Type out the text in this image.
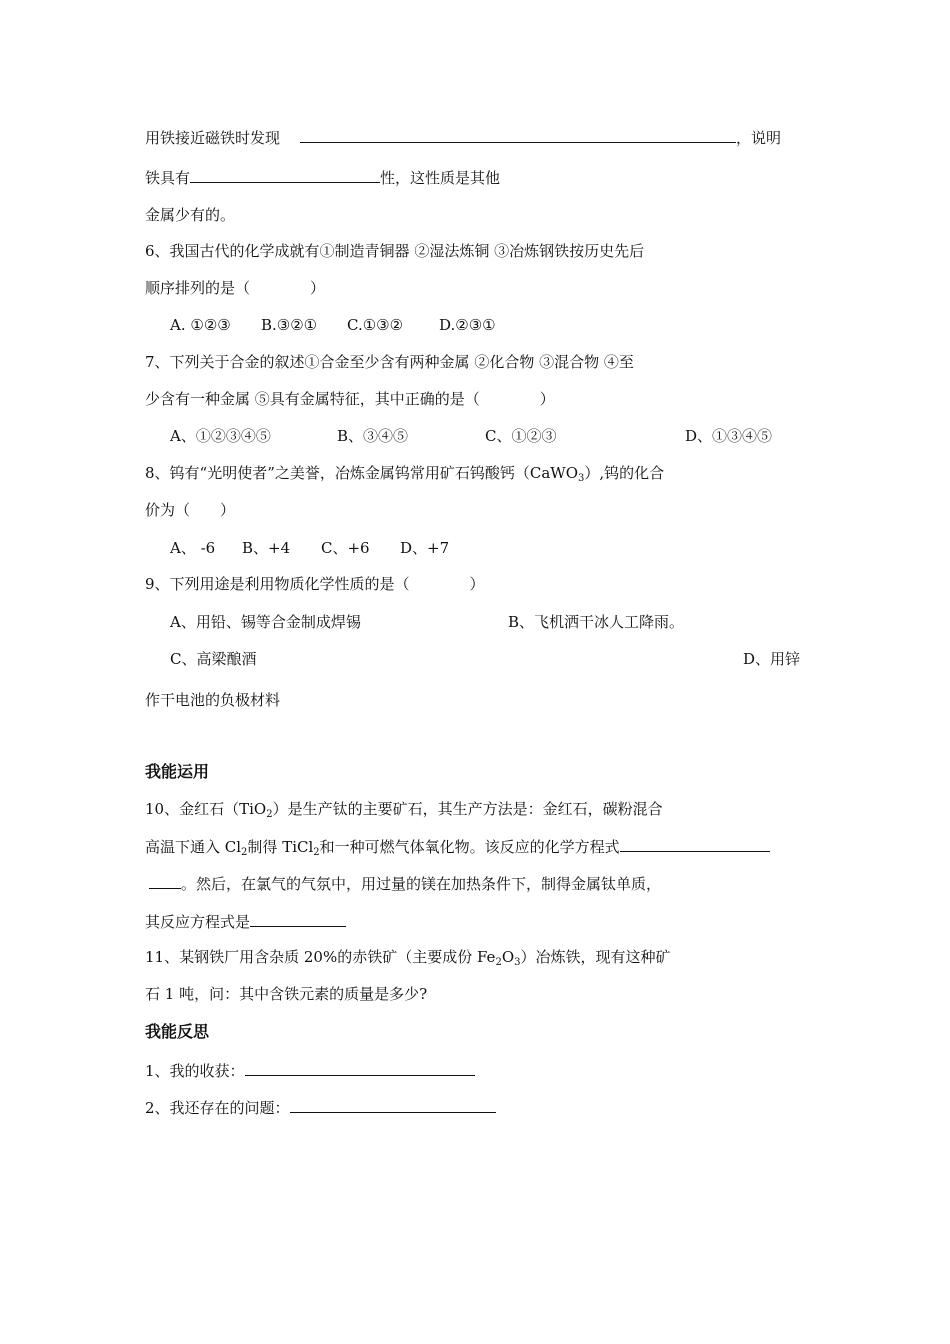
用铁接近磁铁时发现	，说明
铁具有	性，这性质是其他
金属少有的。
6、我国古代的化学成就有①制造青铜器 ②湿法炼铜 ③冶炼钢铁按历史先后
顺序排列的是（　　　　）
A. ①②③ B.③②① C.①③② D.②③①
7、下列关于合金的叙述①合金至少含有两种金属 ②化合物 ③混合物 ④至
少含有一种金属 ⑤具有金属特征，其中正确的是（　　　　）
A、①②③④⑤	B、③④⑤	C、①②③	D、①③④⑤
8、钨有“光明使者”之美誉，冶炼金属钨常用矿石钨酸钙（CaWO$_3$）,钨的化合
价为（　　）
A、 -6 B、+4 C、+6 D、+7
9、下列用途是利用物质化学性质的是（　　　　）
A、用铅、锡等合金制成焊锡	B、飞机洒干冰人工降雨。
C、高梁酿酒	D、用锌
作干电池的负极材料
我能运用
10、金红石（TiO$_2$）是生产钛的主要矿石，其生产方法是：金红石，碳粉混合
高温下通入 $Cl_2$制得 TiCl$_2$和一种可燃气体氧化物。该反应的化学方程式
。然后，在氯气的气氛中，用过量的镁在加热条件下，制得金属钛单质，
其反应方程式是
11、某钢铁厂用含杂质 20%的赤铁矿（主要成份 $Fe_2O_3$）冶炼铁，现有这种矿
石 1 吨，问：其中含铁元素的质量是多少?
我能反思
1、我的收获：
2、我还存在的问题：
